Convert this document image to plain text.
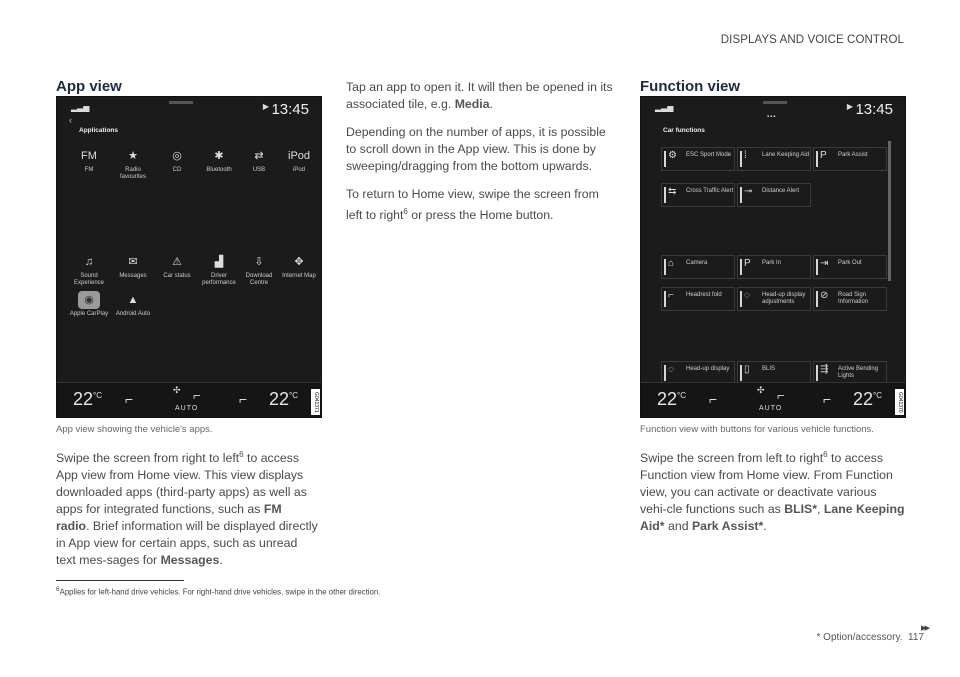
DISPLAYS AND VOICE CONTROL
App view
▂▃▅	▶ 13:45
‹
Applications
FM
FM
★
Radio favourites
◎
CD
✱
Bluetooth
⇄
USB
iPod
iPod
♫
Sound Experience
✉
Messages
⚠
Car status
▟
Driver performance
⇩
Download Centre
✥
Internet Map
◉
Apple CarPlay
▲
Android Auto
$22^{^\circ C}$ ⌐
✣ ⌐
AUTO
⌐ $22^{^\circ C}$	G041371
App view showing the vehicle's apps.

Swipe the screen from right to left$^6$ to access App view from Home view. This view displays downloaded apps (third-party apps) as well as apps for integrated functions, such as FM radio. Brief information will be displayed directly in App view for certain apps, such as unread text mes-sages for Messages.

Tap an app to open it. It will then be opened in its associated tile, e.g. Media.

Depending on the number of apps, it is possible to scroll down in the App view. This is done by sweeping/dragging from the bottom upwards.

To return to Home view, swipe the screen from left to right$^6$ or press the Home button.

Function view
▂▃▅	▶ 13:45
▪▪▪
Car functions
⚙ ESC Sport Mode ⁞	Lane Keeping Aid P Park Assist
⇆ Cross Traffic Alert ⊸ Distance Alert
⌂ Camera	P Park In	⇥ Park Out
⌐ Headrest fold ◌ Head-up display adjustments
⊘ Road Sign Information
◌ Head-up display ▯ BLIS	⇶ Active Bending Lights
$22^{^\circ C}$ ⌐
✣ ⌐
AUTO
⌐ $22^{^\circ C}$	G041370
Function view with buttons for various vehicle functions.

Swipe the screen from left to right$^6$ to access Function view from Home view. From Function view, you can activate or deactivate various vehi-cle functions such as BLIS*, Lane Keeping Aid* and Park Assist*.

$^6$Applies for left-hand drive vehicles. For right-hand drive vehicles, swipe in the other direction.
▸▸
* Option/accessory. 117
